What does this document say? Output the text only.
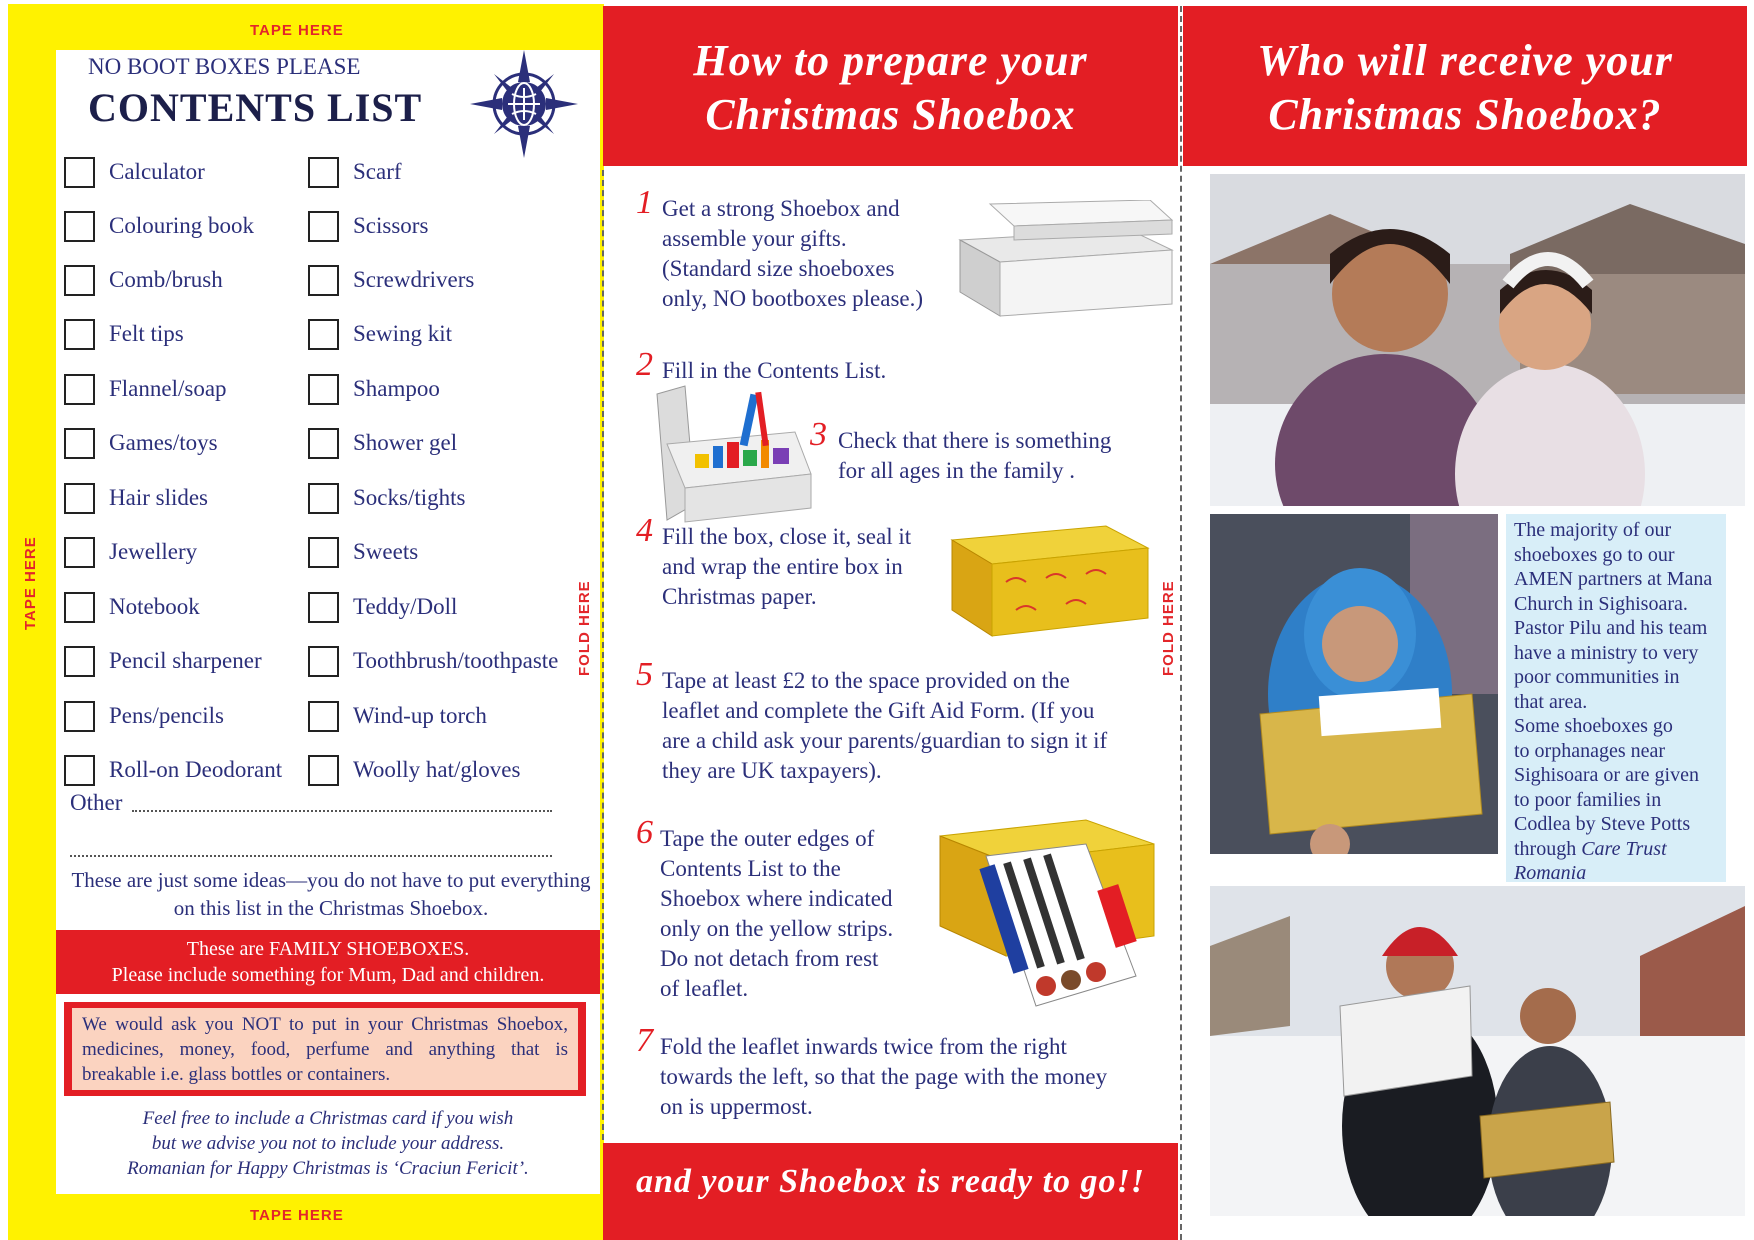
TAPE HERE
TAPE HERE
TAPE HERE	FOLD HERE	FOLD HERE
NO BOOT BOXES PLEASE
CONTENTS LIST
Calculator
Colouring book
Comb/brush
Felt tips
Flannel/soap
Games/toys
Hair slides
Jewellery
Notebook
Pencil sharpener
Pens/pencils
Roll-on Deodorant
Scarf
Scissors
Screwdrivers
Sewing kit
Shampoo
Shower gel
Socks/tights
Sweets
Teddy/Doll
Toothbrush/toothpaste
Wind-up torch
Woolly hat/gloves
Other
These are just some ideas—you do not have to put everything on this list in the Christmas Shoebox.
These are FAMILY SHOEBOXES.
Please include something for Mum, Dad and children.
We would ask you NOT to put in your Christmas Shoebox, medicines, money, food, perfume and anything that is breakable i.e. glass bottles or containers.
Feel free to include a Christmas card if you wish
but we advise you not to include your address.
Romanian for Happy Christmas is ‘Craciun Fericit’.
How to prepare your
Christmas Shoebox
1 Get a strong Shoebox and
assemble your gifts.
(Standard size shoeboxes
only, NO bootboxes please.)
2 Fill in the Contents List.
3 Check that there is something
for all ages in the family .
4 Fill the box, close it, seal it
and wrap the entire box in
Christmas paper.
5 Tape at least £2 to the space provided on the
leaflet and complete the Gift Aid Form. (If you
are a child ask your parents/guardian to sign it if
they are UK taxpayers).
6 Tape the outer edges of
Contents List to the
Shoebox where indicated
only on the yellow strips.
Do not detach from rest
of leaflet.
7 Fold the leaflet inwards twice from the right
towards the left, so that the page with the money
on is uppermost.
and your Shoebox is ready to go!!
Who will receive your
Christmas Shoebox?
The majority of our
shoeboxes go to our
AMEN partners at Mana
Church in Sighisoara.
Pastor Pilu and his team
have a ministry to very
poor communities in
that area.
Some shoeboxes go
to orphanages near
Sighisoara or are given
to poor families in
Codlea by Steve Potts
through Care Trust
Romania
